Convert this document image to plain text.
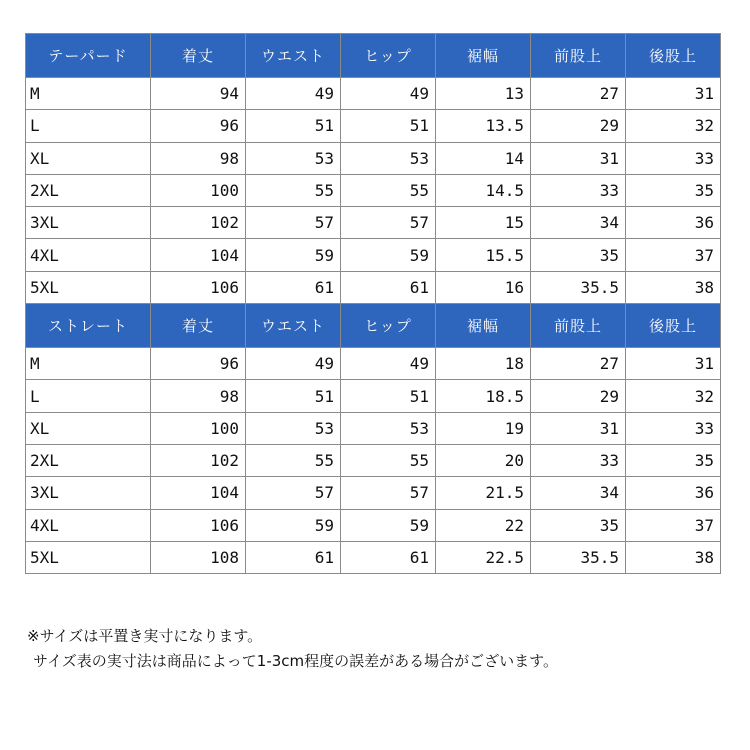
テーパード	着丈	ウエスト	ヒップ	裾幅	前股上	後股上
M	94	49	49	13	27	31
L	96	51	51	13.5	29	32
XL	98	53	53	14	31	33
2XL	100	55	55	14.5	33	35
3XL	102	57	57	15	34	36
4XL	104	59	59	15.5	35	37
5XL	106	61	61	16	35.5	38
ストレート	着丈	ウエスト	ヒップ	裾幅	前股上	後股上
M	96	49	49	18	27	31
L	98	51	51	18.5	29	32
XL	100	53	53	19	31	33
2XL	102	55	55	20	33	35
3XL	104	57	57	21.5	34	36
4XL	106	59	59	22	35	37
5XL	108	61	61	22.5	35.5	38

※サイズは平置き実寸になります。

サイズ表の実寸法は商品によって1-3cm程度の誤差がある場合がございます。
